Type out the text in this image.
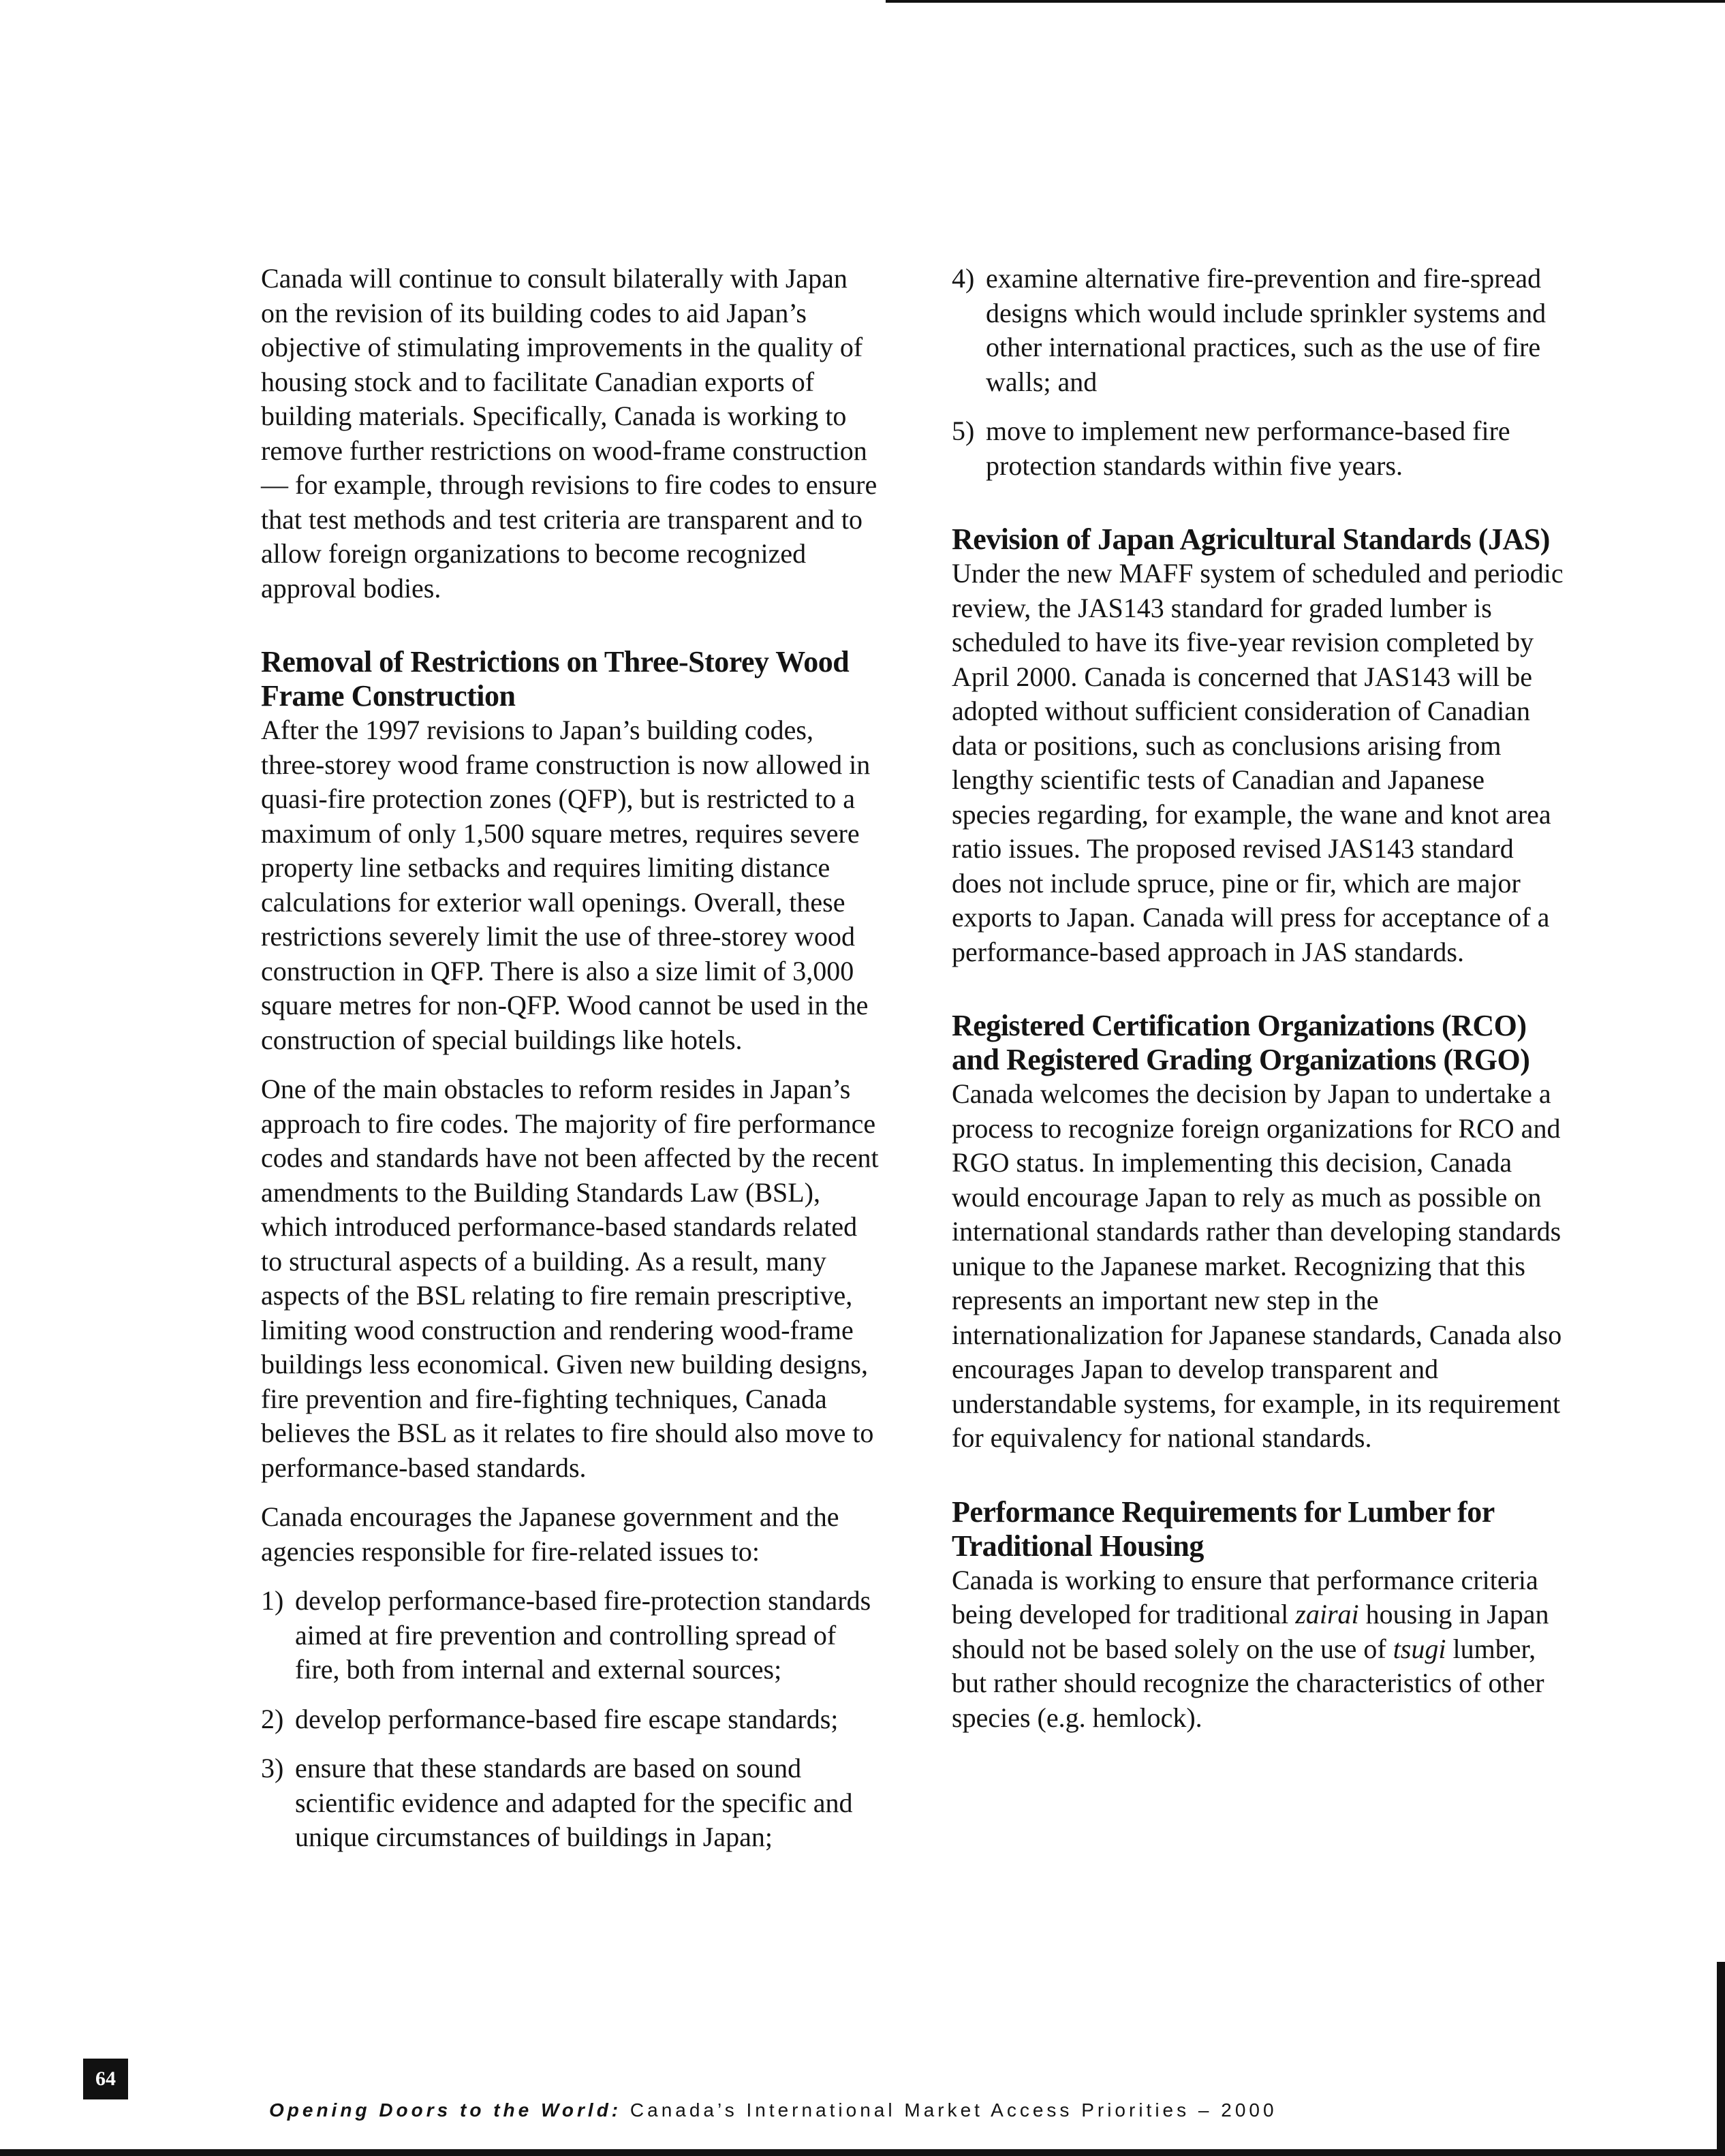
Canada will continue to consult bilaterally with Japan on the revision of its building codes to aid Japan’s objective of stimulating improvements in the quality of housing stock and to facilitate Canadian exports of building materials. Specifically, Canada is working to remove further restrictions on wood-frame construction — for example, through revisions to fire codes to ensure that test methods and test criteria are transparent and to allow foreign organizations to become recognized approval bodies.

Removal of Restrictions on Three-Storey Wood Frame Construction

After the 1997 revisions to Japan’s building codes, three-storey wood frame construction is now allowed in quasi-fire protection zones (QFP), but is restricted to a maximum of only 1,500 square metres, requires severe property line setbacks and requires limiting distance calculations for exterior wall openings. Overall, these restrictions severely limit the use of three-storey wood construction in QFP. There is also a size limit of 3,000 square metres for non-QFP. Wood cannot be used in the construction of special buildings like hotels.

One of the main obstacles to reform resides in Japan’s approach to fire codes. The majority of fire performance codes and standards have not been affected by the recent amendments to the Building Standards Law (BSL), which introduced performance-based standards related to structural aspects of a building. As a result, many aspects of the BSL relating to fire remain prescriptive, limiting wood construction and rendering wood-frame buildings less economical. Given new building designs, fire prevention and fire-fighting techniques, Canada believes the BSL as it relates to fire should also move to performance-based standards.

Canada encourages the Japanese government and the agencies responsible for fire-related issues to:

1) develop performance-based fire-protection standards aimed at fire prevention and controlling spread of fire, both from internal and external sources;
2) develop performance-based fire escape standards;
3) ensure that these standards are based on sound scientific evidence and adapted for the specific and unique circumstances of buildings in Japan;
4) examine alternative fire-prevention and fire-spread designs which would include sprinkler systems and other international practices, such as the use of fire walls; and
5) move to implement new performance-based fire protection standards within five years.
Revision of Japan Agricultural Standards (JAS)

Under the new MAFF system of scheduled and periodic review, the JAS143 standard for graded lumber is scheduled to have its five-year revision completed by April 2000. Canada is concerned that JAS143 will be adopted without sufficient consideration of Canadian data or positions, such as conclusions arising from lengthy scientific tests of Canadian and Japanese species regarding, for example, the wane and knot area ratio issues. The proposed revised JAS143 standard does not include spruce, pine or fir, which are major exports to Japan. Canada will press for acceptance of a performance-based approach in JAS standards.

Registered Certification Organizations (RCO) and Registered Grading Organizations (RGO)

Canada welcomes the decision by Japan to undertake a process to recognize foreign organizations for RCO and RGO status. In implementing this decision, Canada would encourage Japan to rely as much as possible on international standards rather than developing standards unique to the Japanese market. Recognizing that this represents an important new step in the internationalization for Japanese standards, Canada also encourages Japan to develop transparent and understandable systems, for example, in its requirement for equivalency for national standards.

Performance Requirements for Lumber for Traditional Housing

Canada is working to ensure that performance criteria being developed for traditional zairai housing in Japan should not be based solely on the use of tsugi lumber, but rather should recognize the characteristics of other species (e.g. hemlock).

64
Opening Doors to the World: Canada’s International Market Access Priorities – 2000
